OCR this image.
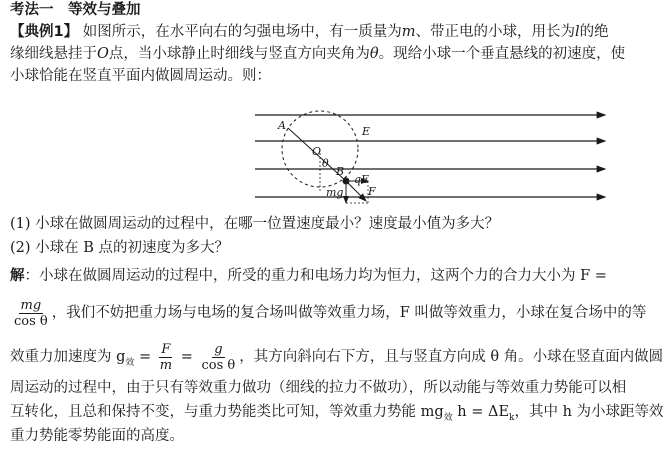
考法一　等效与叠加
【典例1】 如图所示，在水平向右的匀强电场中，有一质量为m、带正电的小球，用长为l的绝
缘细线悬挂于O点，当小球静止时细线与竖直方向夹角为θ。现给小球一个垂直悬线的初速度，使
小球恰能在竖直平面内做圆周运动。则：
A
O
θ
B
qE
mg F
E
(1) 小球在做圆周运动的过程中，在哪一位置速度最小？速度最小值为多大？
(2) 小球在 B 点的初速度为多大？
解：小球在做圆周运动的过程中，所受的重力和电场力均为恒力，这两个力的合力大小为 F =
$\frac{mg}{\text{cos θ}}$ ，我们不妨把重力场与电场的复合场叫做等效重力场，F 叫做等效重力，小球在复合场中的等
效重力加速度为 $g_效 = \frac{F}{m} = \frac{g}{\text{cos θ}}$ ，其方向斜向右下方，且与竖直方向成 θ 角。小球在竖直面内做圆
周运动的过程中，由于只有等效重力做功（细线的拉力不做功），所以动能与等效重力势能可以相
互转化，且总和保持不变，与重力势能类比可知，等效重力势能 $mg_效$ $h = \Delta E_k$，其中 h 为小球距等效
重力势能零势能面的高度。
